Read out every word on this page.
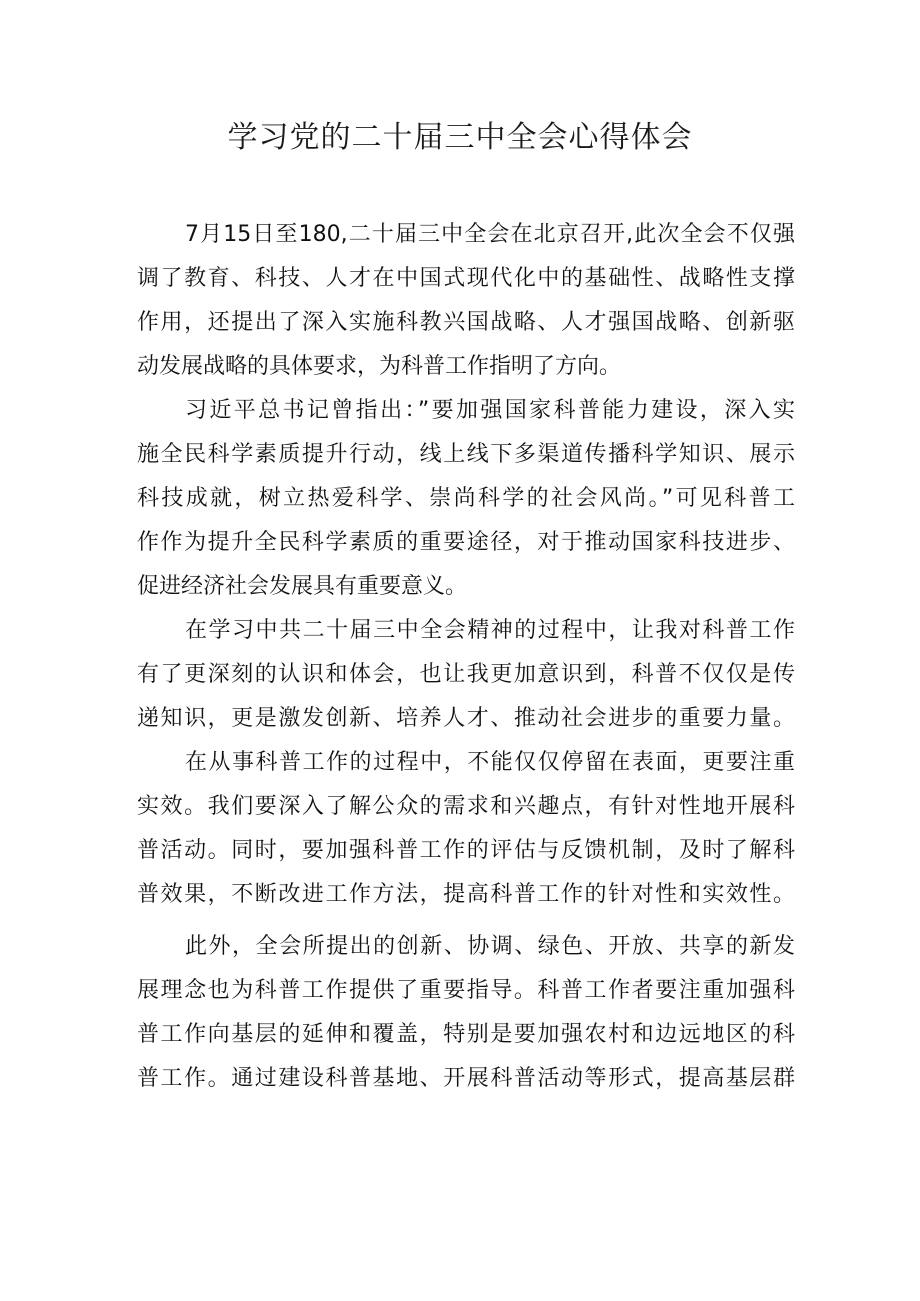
学习党的二十届三中全会心得体会
7月15日至180,二十届三中全会在北京召开,此次全会不仅强
调了教育、科技、人才在中国式现代化中的基础性、战略性支撑
作用，还提出了深入实施科教兴国战略、人才强国战略、创新驱
动发展战略的具体要求，为科普工作指明了方向。
习近平总书记曾指出：”要加强国家科普能力建设，深入实
施全民科学素质提升行动，线上线下多渠道传播科学知识、展示
科技成就，树立热爱科学、崇尚科学的社会风尚。”可见科普工
作作为提升全民科学素质的重要途径，对于推动国家科技进步、
促进经济社会发展具有重要意义。
在学习中共二十届三中全会精神的过程中，让我对科普工作
有了更深刻的认识和体会，也让我更加意识到，科普不仅仅是传
递知识，更是激发创新、培养人才、推动社会进步的重要力量。
在从事科普工作的过程中，不能仅仅停留在表面，更要注重
实效。我们要深入了解公众的需求和兴趣点，有针对性地开展科
普活动。同时，要加强科普工作的评估与反馈机制，及时了解科
普效果，不断改进工作方法，提高科普工作的针对性和实效性。
此外，全会所提出的创新、协调、绿色、开放、共享的新发
展理念也为科普工作提供了重要指导。科普工作者要注重加强科
普工作向基层的延伸和覆盖，特别是要加强农村和边远地区的科
普工作。通过建设科普基地、开展科普活动等形式，提高基层群
